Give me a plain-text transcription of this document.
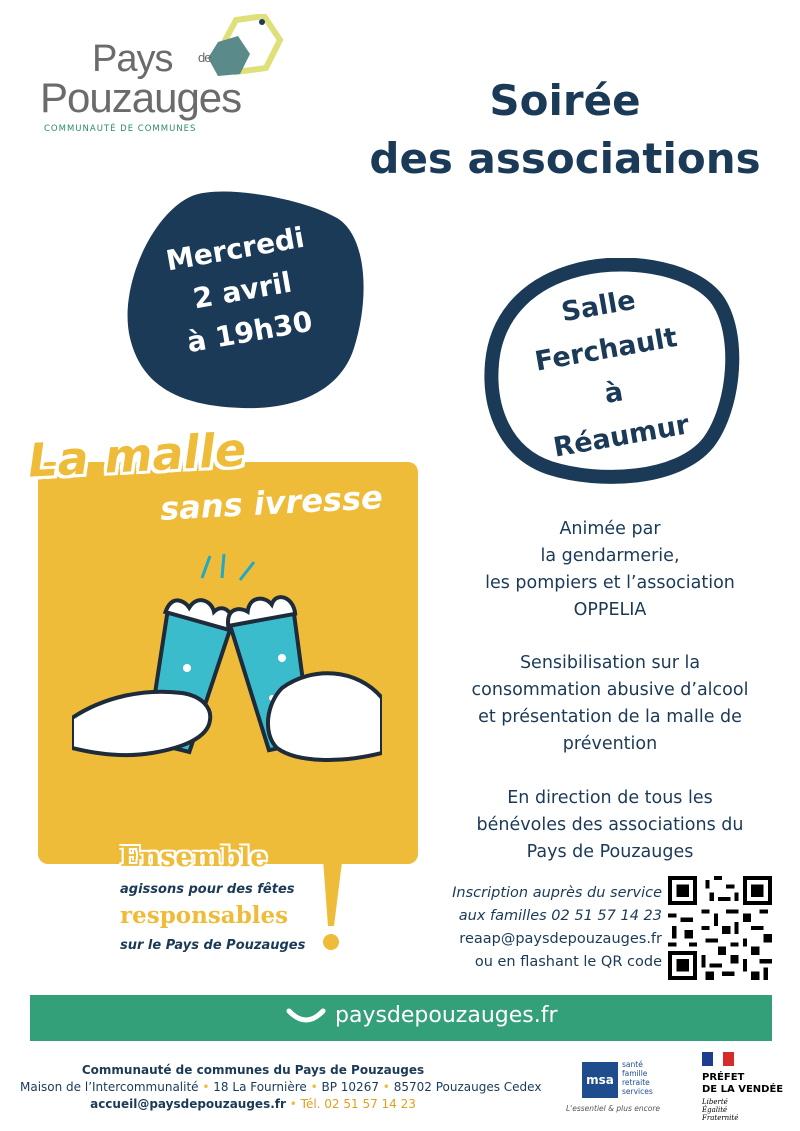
Pays de
Pouzauges
COMMUNAUTÉ DE COMMUNES
Soirée
des associations
Mercredi
2 avril
à 19h30	Salle
Ferchault
à
Réaumur
La malle
sans ivresse
Ensemble
agissons pour des fêtes
responsables
sur le Pays de Pouzauges
Animée par
la gendarmerie,
les pompiers et l’association
OPPELIA
Sensibilisation sur la
consommation abusive d’alcool
et présentation de la malle de
prévention
En direction de tous les
bénévoles des associations du
Pays de Pouzauges
Inscription auprès du service
aux familles 02 51 57 14 23
reaap@paysdepouzauges.fr
ou en flashant le QR code
paysdepouzauges.fr
Communauté de communes du Pays de Pouzauges
Maison de l’Intercommunalité • 18 La Fournière • BP 10267 • 85702 Pouzauges Cedex
accueil@paysdepouzauges.fr • Tél. 02 51 57 14 23
msa
santé
famille
retraite
services
L'essentiel & plus encore
PRÉFET
DE LA VENDÉE
Liberté
Égalité
Fraternité
